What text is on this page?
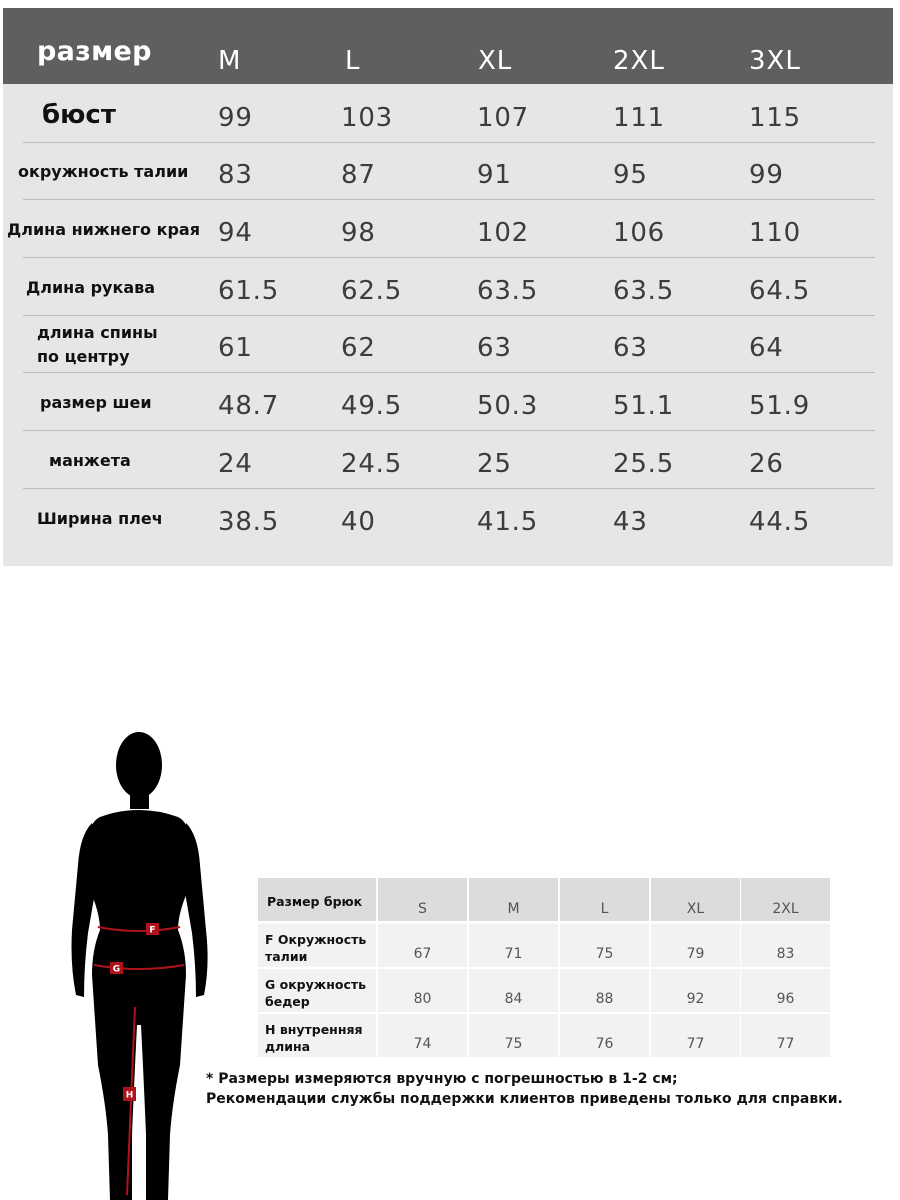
размер	M	L	XL	2XL	3XL
бюст	99	103	107	111	115
окружность талии 83	87	91	95	99
Длина нижнего края 94	98	102	106	110
Длина рукава 61.5 62.5	63.5	63.5	64.5
длина спины
по центру	61	62	63	63	64
размер шеи	48.7 49.5	50.3	51.1	51.9
манжета	24	24.5	25	25.5	26
Ширина плеч 38.5 40	41.5	43	44.5
F
G
H
Размер брюк	S	M	L	XL	2XL
F Окружность
талии	67	71	75	79	83
G окружность
бедер	80	84	88	92	96
H внутренняя
длина	74	75	76	77	77
* Размеры измеряются вручную с погрешностью в 1-2 см;
Рекомендации службы поддержки клиентов приведены только для справки.
